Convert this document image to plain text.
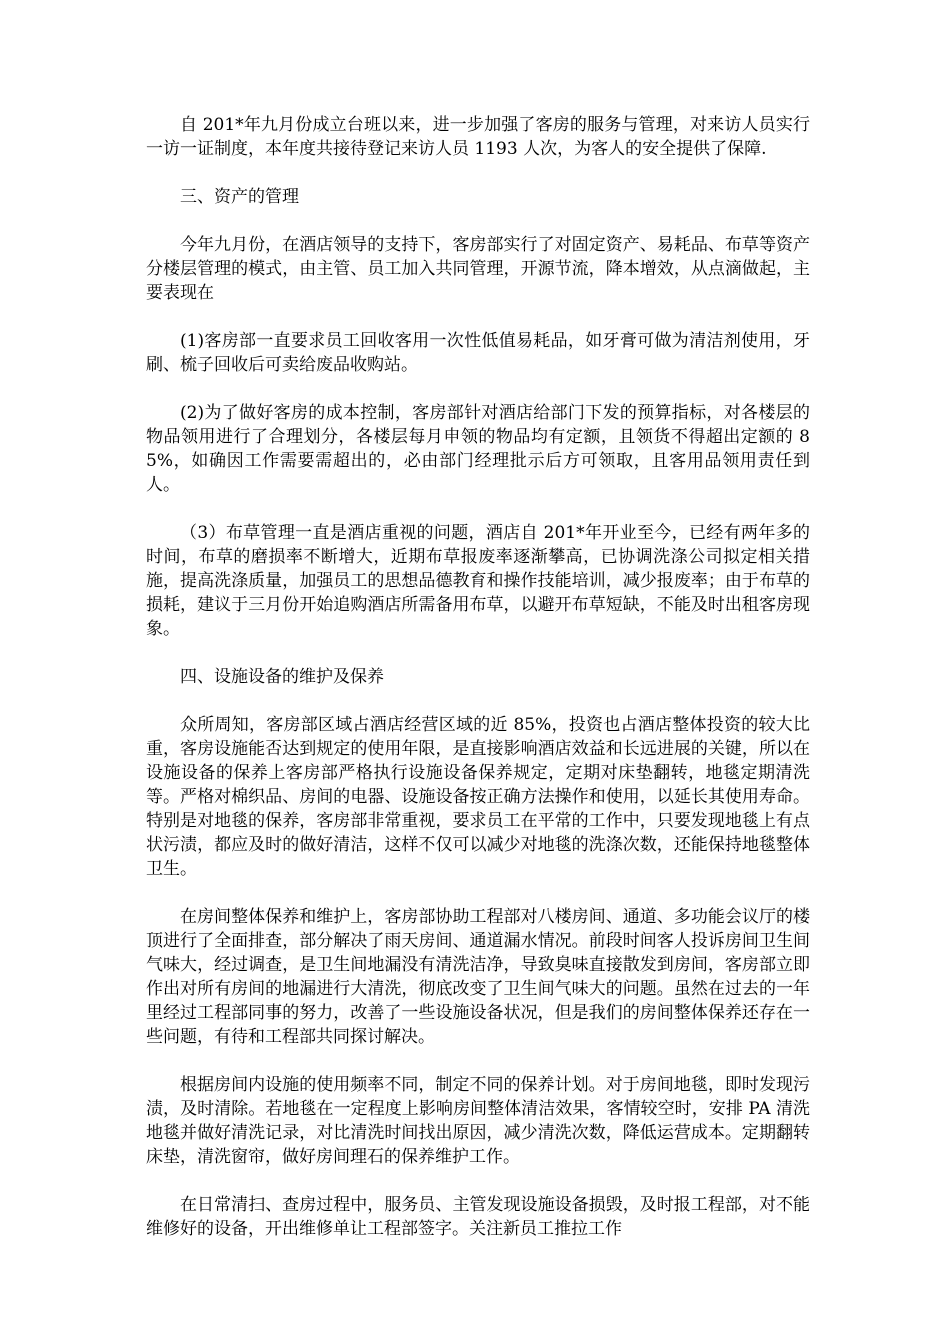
自 201*年九月份成立台班以来，进一步加强了客房的服务与管理，对来访人员实行一访一证制度，本年度共接待登记来访人员 1193 人次，为客人的安全提供了保障.

三、资产的管理

今年九月份，在酒店领导的支持下，客房部实行了对固定资产、易耗品、布草等资产分楼层管理的模式，由主管、员工加入共同管理，开源节流，降本增效，从点滴做起，主要表现在

(1)客房部一直要求员工回收客用一次性低值易耗品，如牙膏可做为清洁剂使用，牙刷、梳子回收后可卖给废品收购站。

(2)为了做好客房的成本控制，客房部针对酒店给部门下发的预算指标，对各楼层的物品领用进行了合理划分，各楼层每月申领的物品均有定额，且领货不得超出定额的 85%，如确因工作需要需超出的，必由部门经理批示后方可领取，且客用品领用责任到人。

（3）布草管理一直是酒店重视的问题，酒店自 201*年开业至今，已经有两年多的时间，布草的磨损率不断增大，近期布草报废率逐渐攀高，已协调洗涤公司拟定相关措施，提高洗涤质量，加强员工的思想品德教育和操作技能培训，减少报废率；由于布草的损耗，建议于三月份开始追购酒店所需备用布草，以避开布草短缺，不能及时出租客房现象。

四、设施设备的维护及保养

众所周知，客房部区域占酒店经营区域的近 85%，投资也占酒店整体投资的较大比重，客房设施能否达到规定的使用年限，是直接影响酒店效益和长远进展的关键，所以在设施设备的保养上客房部严格执行设施设备保养规定，定期对床垫翻转，地毯定期清洗等。严格对棉织品、房间的电器、设施设备按正确方法操作和使用，以延长其使用寿命。特别是对地毯的保养，客房部非常重视，要求员工在平常的工作中，只要发现地毯上有点状污渍，都应及时的做好清洁，这样不仅可以减少对地毯的洗涤次数，还能保持地毯整体卫生。

在房间整体保养和维护上，客房部协助工程部对八楼房间、通道、多功能会议厅的楼顶进行了全面排查，部分解决了雨天房间、通道漏水情况。前段时间客人投诉房间卫生间气味大，经过调查，是卫生间地漏没有清洗洁净，导致臭味直接散发到房间，客房部立即作出对所有房间的地漏进行大清洗，彻底改变了卫生间气味大的问题。虽然在过去的一年里经过工程部同事的努力，改善了一些设施设备状况，但是我们的房间整体保养还存在一些问题，有待和工程部共同探讨解决。

根据房间内设施的使用频率不同，制定不同的保养计划。对于房间地毯，即时发现污渍，及时清除。若地毯在一定程度上影响房间整体清洁效果，客情较空时，安排 PA 清洗地毯并做好清洗记录，对比清洗时间找出原因，减少清洗次数，降低运营成本。定期翻转床垫，清洗窗帘，做好房间理石的保养维护工作。

在日常清扫、查房过程中，服务员、主管发现设施设备损毁，及时报工程部，对不能维修好的设备，开出维修单让工程部签字。关注新员工推拉工作
